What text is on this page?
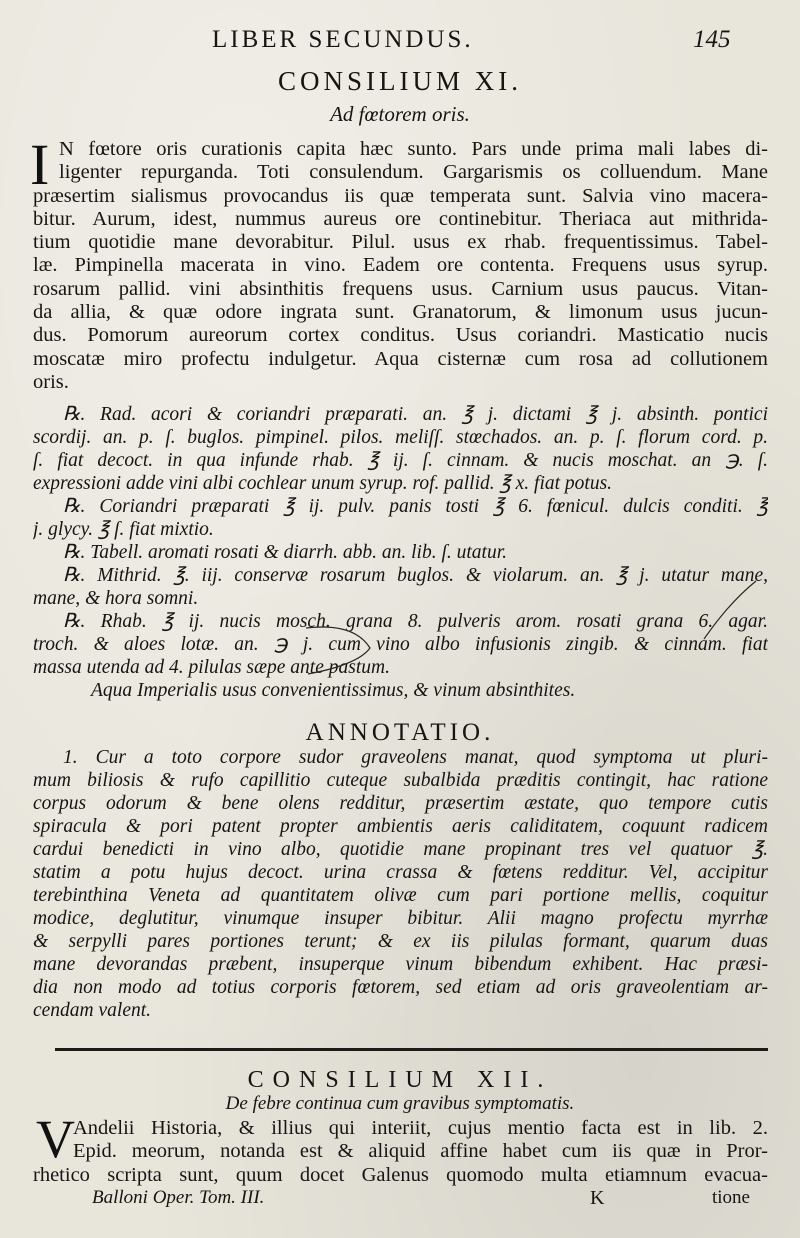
LIBER SECUNDUS.	145
CONSILIUM XI.
Ad fœtorem oris.
I N fœtore oris curationis capita hæc sunto. Pars unde prima mali labes di-
ligenter repurganda. Toti consulendum. Gargarismis os colluendum. Mane
præsertim sialismus provocandus iis quæ temperata sunt. Salvia vino macera-
bitur. Aurum, idest, nummus aureus ore continebitur. Theriaca aut mithrida-
tium quotidie mane devorabitur. Pilul. usus ex rhab. frequentissimus. Tabel-
læ. Pimpinella macerata in vino. Eadem ore contenta. Frequens usus syrup.
rosarum pallid. vini absinthitis frequens usus. Carnium usus paucus. Vitan-
da allia, & quæ odore ingrata sunt. Granatorum, & limonum usus jucun-
dus. Pomorum aureorum cortex conditus. Usus coriandri. Masticatio nucis
moscatæ miro profectu indulgetur. Aqua cisternæ cum rosa ad collutionem
oris.
℞. Rad. acori & coriandri præparati. an. ℥ j. dictami ℥ j. absinth. pontici
scordij. an. p. ſ. buglos. pimpinel. pilos. meliſſ. stœchados. an. p. ſ. florum cord. p.
ſ. fiat decoct. in qua infunde rhab. ℥ ij. ſ. cinnam. & nucis moschat. an ℈. ſ.
expressioni adde vini albi cochlear unum syrup. rof. pallid. ℥ x. fiat potus.
℞. Coriandri præparati ℥ ij. pulv. panis tosti ℥ 6. fœnicul. dulcis conditi. ℥
j. glycy. ℥ ſ. fiat mixtio.
℞. Tabell. aromati rosati & diarrh. abb. an. lib. ſ. utatur.
℞. Mithrid. ℥. iij. conservæ rosarum buglos. & violarum. an. ℥ j. utatur mane,
mane, & hora somni.
℞. Rhab. ℥ ij. nucis mosch. grana 8. pulveris arom. rosati grana 6. agar.
troch. & aloes lotæ. an. ℈ j. cum vino albo infusionis zingib. & cinnam. fiat
massa utenda ad 4. pilulas sæpe ante pastum.
Aqua Imperialis usus convenientissimus, & vinum absinthites.
ANNOTATIO.
1. Cur a toto corpore sudor graveolens manat, quod symptoma ut pluri-
mum biliosis & rufo capillitio cuteque subalbida præditis contingit, hac ratione
corpus odorum & bene olens redditur, præsertim æstate, quo tempore cutis
spiracula & pori patent propter ambientis aeris caliditatem, coquunt radicem
cardui benedicti in vino albo, quotidie mane propinant tres vel quatuor ℥.
statim a potu hujus decoct. urina crassa & fœtens redditur. Vel, accipitur
terebinthina Veneta ad quantitatem olivæ cum pari portione mellis, coquitur
modice, deglutitur, vinumque insuper bibitur. Alii magno profectu myrrhæ
& serpylli pares portiones terunt; & ex iis pilulas formant, quarum duas
mane devorandas præbent, insuperque vinum bibendum exhibent. Hac præsi-
dia non modo ad totius corporis fœtorem, sed etiam ad oris graveolentiam ar-
cendam valent.
CONSILIUM XII.
De febre continua cum gravibus symptomatis.
V
Andelii Historia, & illius qui interiit, cujus mentio facta est in lib. 2.
Epid. meorum, notanda est & aliquid affine habet cum iis quæ in Pror-
rhetico scripta sunt, quum docet Galenus quomodo multa etiamnum evacua-
Balloni Oper. Tom. III.	K	tione
